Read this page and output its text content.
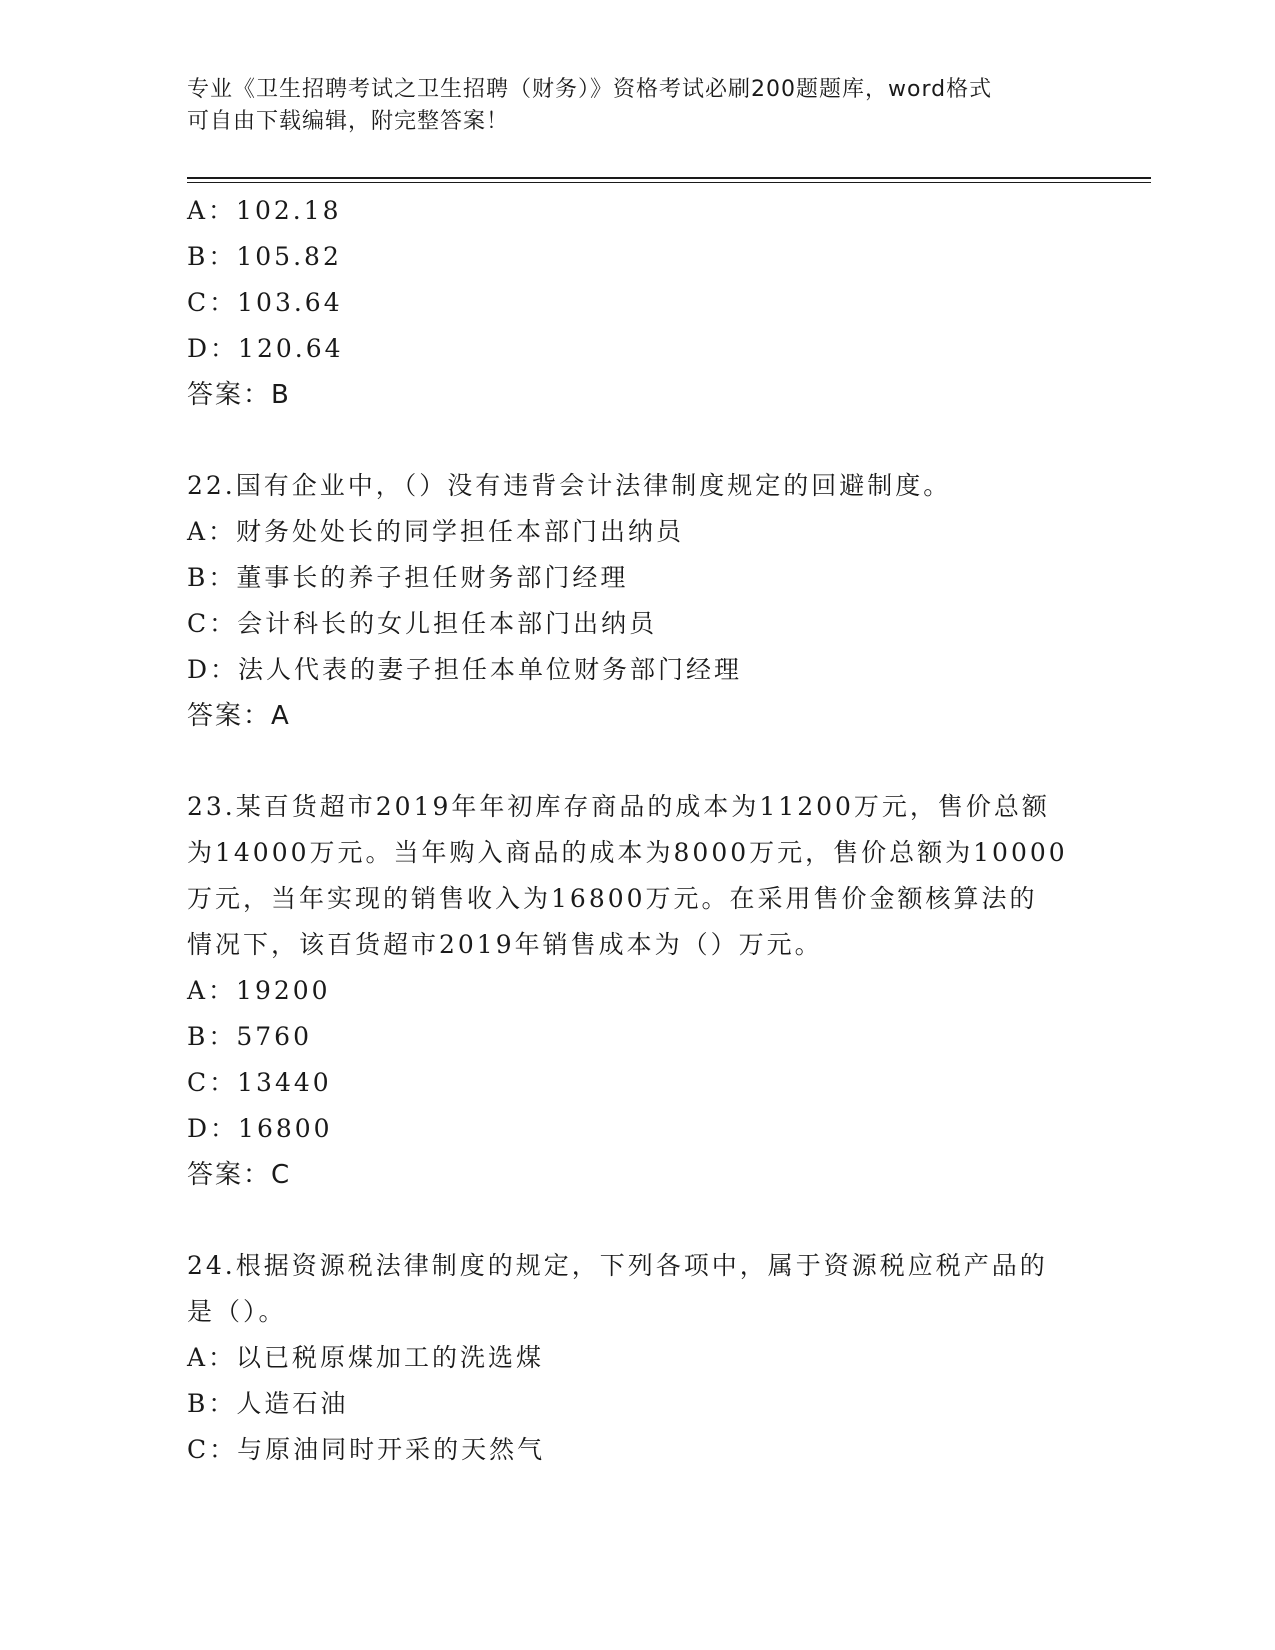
专业《卫生招聘考试之卫生招聘（财务）》资格考试必刷200题题库，word格式
可自由下载编辑，附完整答案！
A：102.18
B：105.82
C：103.64
D：120.64
答案：B
22.国有企业中，（）没有违背会计法律制度规定的回避制度。
A：财务处处长的同学担任本部门出纳员
B：董事长的养子担任财务部门经理
C：会计科长的女儿担任本部门出纳员
D：法人代表的妻子担任本单位财务部门经理
答案：A
23.某百货超市2019年年初库存商品的成本为11200万元，售价总额
为14000万元。当年购入商品的成本为8000万元，售价总额为10000
万元，当年实现的销售收入为16800万元。在采用售价金额核算法的
情况下，该百货超市2019年销售成本为（）万元。
A：19200
B：5760
C：13440
D：16800
答案：C
24.根据资源税法律制度的规定，下列各项中，属于资源税应税产品的
是（）。
A：以已税原煤加工的洗选煤
B：人造石油
C：与原油同时开采的天然气
